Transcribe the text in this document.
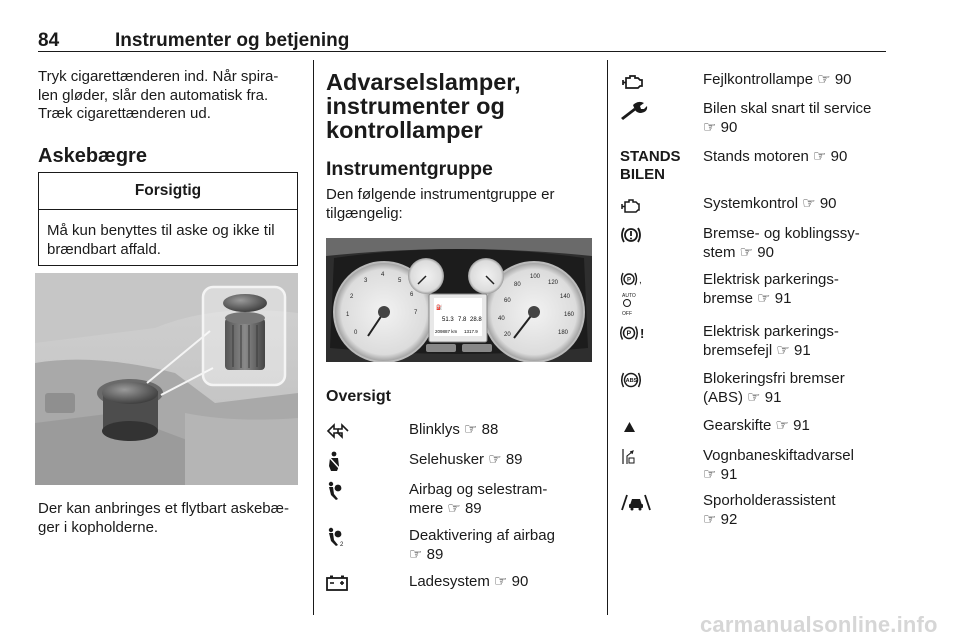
84	Instrumenter og betjening
Tryk cigarettænderen ind. Når spira-
len gløder, slår den automatisk fra.
Træk cigarettænderen ud.
Askebægre
Forsigtig
Må kun benyttes til aske og ikke til
brændbart affald.
Der kan anbringes et flytbart askebæ-
ger i kopholderne.
Advarselslamper,
instrumenter og
kontrollamper
Instrumentgruppe
Den følgende instrumentgruppe er
tilgængelig:
⛽
51.3 7.8 28.8
209887 km 1317.9
2
3
4
5
6
7
1
0
60
80
100
120
140
160
40
20	180
Oversigt
Blinklys ☞ 88
Selehusker ☞ 89
Airbag og selestram-
mere ☞ 89
2
Deaktivering af airbag
☞ 89
Ladesystem ☞ 90
Fejlkontrollampe ☞ 90
Bilen skal snart til service
☞ 90
STANDS
BILEN
Stands motoren ☞ 90
Systemkontrol ☞ 90
Bremse- og koblingssy-
stem ☞ 90
P ,
AUTO
OFF
Elektrisk parkerings-
bremse ☞ 91
P !	Elektrisk parkerings-
bremsefejl ☞ 91
ABS	Blokeringsfri bremser
(ABS) ☞ 91
Gearskifte ☞ 91
Vognbaneskiftadvarsel
☞ 91
Sporholderassistent
☞ 92
carmanualsonline.info
